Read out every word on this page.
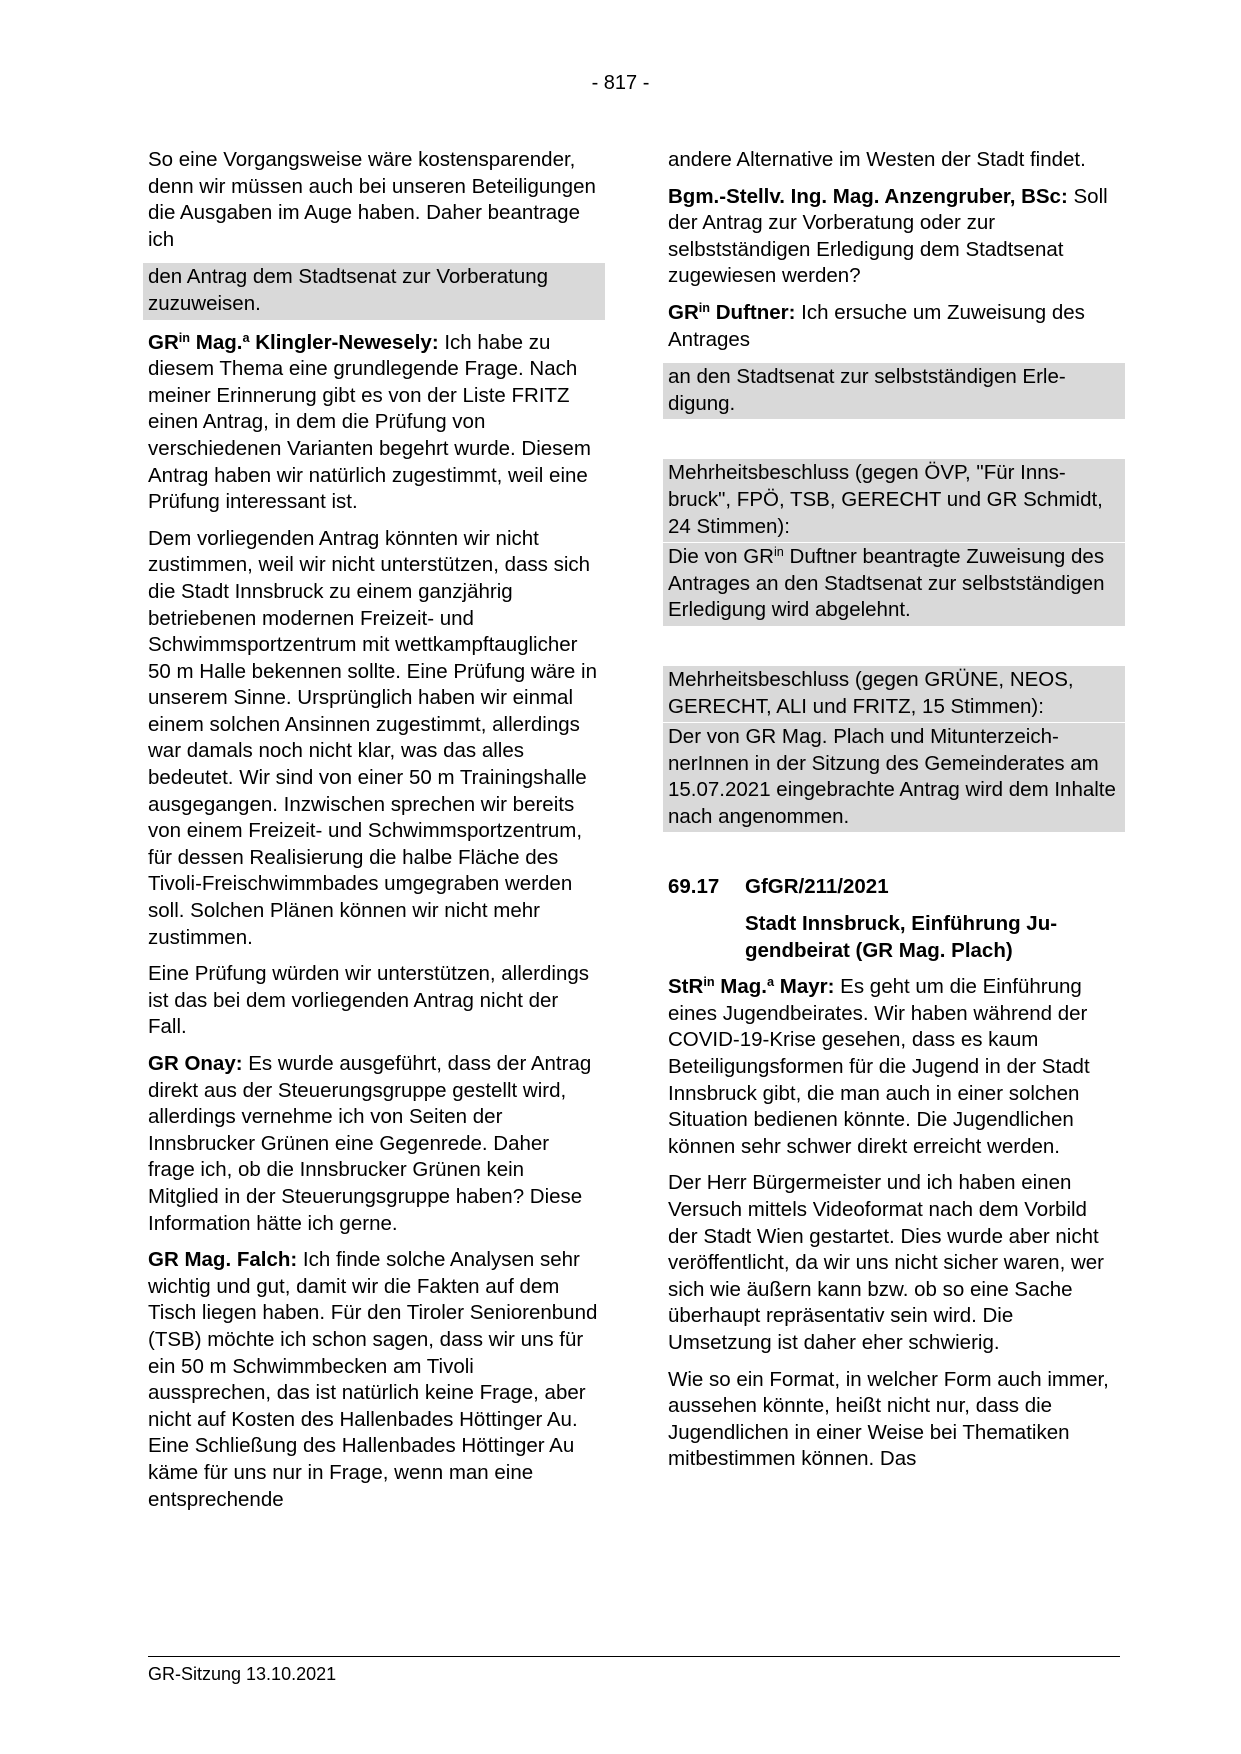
- 817 -

So eine Vorgangsweise wäre kostensparender, denn wir müssen auch bei unseren Beteiligungen die Ausgaben im Auge haben. Daher beantrage ich

den Antrag dem Stadtsenat zur Vorberatung zuzuweisen.

$GR^{in}$ Mag.$^a$ Klingler-Newesely: Ich habe zu diesem Thema eine grundlegende Frage. Nach meiner Erinnerung gibt es von der Liste FRITZ einen Antrag, in dem die Prüfung von verschiedenen Varianten begehrt wurde. Diesem Antrag haben wir natürlich zugestimmt, weil eine Prüfung interessant ist.

Dem vorliegenden Antrag könnten wir nicht zustimmen, weil wir nicht unterstützen, dass sich die Stadt Innsbruck zu einem ganzjährig betriebenen modernen Freizeit- und Schwimmsportzentrum mit wettkampftauglicher 50 m Halle bekennen sollte. Eine Prüfung wäre in unserem Sinne. Ursprünglich haben wir einmal einem solchen Ansinnen zugestimmt, allerdings war damals noch nicht klar, was das alles bedeutet. Wir sind von einer 50 m Trainingshalle ausgegangen. Inzwischen sprechen wir bereits von einem Freizeit- und Schwimmsportzentrum, für dessen Realisierung die halbe Fläche des Tivoli-Freischwimmbades umgegraben werden soll. Solchen Plänen können wir nicht mehr zustimmen.

Eine Prüfung würden wir unterstützen, allerdings ist das bei dem vorliegenden Antrag nicht der Fall.

GR Onay: Es wurde ausgeführt, dass der Antrag direkt aus der Steuerungsgruppe gestellt wird, allerdings vernehme ich von Seiten der Innsbrucker Grünen eine Gegenrede. Daher frage ich, ob die Innsbrucker Grünen kein Mitglied in der Steuerungsgruppe haben? Diese Information hätte ich gerne.

GR Mag. Falch: Ich finde solche Analysen sehr wichtig und gut, damit wir die Fakten auf dem Tisch liegen haben. Für den Tiroler Seniorenbund (TSB) möchte ich schon sagen, dass wir uns für ein 50 m Schwimmbecken am Tivoli aussprechen, das ist natürlich keine Frage, aber nicht auf Kosten des Hallenbades Höttinger Au. Eine Schließung des Hallenbades Höttinger Au käme für uns nur in Frage, wenn man eine entsprechende

andere Alternative im Westen der Stadt findet.

Bgm.-Stellv. Ing. Mag. Anzengruber, BSc: Soll der Antrag zur Vorberatung oder zur selbstständigen Erledigung dem Stadtsenat zugewiesen werden?

$GR^{in}$ Duftner: Ich ersuche um Zuweisung des Antrages

an den Stadtsenat zur selbstständigen Erledigung.

Mehrheitsbeschluss (gegen ÖVP, "Für Innsbruck", FPÖ, TSB, GERECHT und GR Schmidt, 24 Stimmen):

Die von $GR^{in}$ Duftner beantragte Zuweisung des Antrages an den Stadtsenat zur selbstständigen Erledigung wird abgelehnt.

Mehrheitsbeschluss (gegen GRÜNE, NEOS, GERECHT, ALI und FRITZ, 15 Stimmen):

Der von GR Mag. Plach und MitunterzeichnerInnen in der Sitzung des Gemeinderates am 15.07.2021 eingebrachte Antrag wird dem Inhalte nach angenommen.

69.17	GfGR/211/2021
Stadt Innsbruck, Einführung Jugendbeirat (GR Mag. Plach)

StR$^{in}$ Mag.$^a$ Mayr: Es geht um die Einführung eines Jugendbeirates. Wir haben während der COVID-19-Krise gesehen, dass es kaum Beteiligungsformen für die Jugend in der Stadt Innsbruck gibt, die man auch in einer solchen Situation bedienen könnte. Die Jugendlichen können sehr schwer direkt erreicht werden.

Der Herr Bürgermeister und ich haben einen Versuch mittels Videoformat nach dem Vorbild der Stadt Wien gestartet. Dies wurde aber nicht veröffentlicht, da wir uns nicht sicher waren, wer sich wie äußern kann bzw. ob so eine Sache überhaupt repräsentativ sein wird. Die Umsetzung ist daher eher schwierig.

Wie so ein Format, in welcher Form auch immer, aussehen könnte, heißt nicht nur, dass die Jugendlichen in einer Weise bei Thematiken mitbestimmen können. Das

GR-Sitzung 13.10.2021
